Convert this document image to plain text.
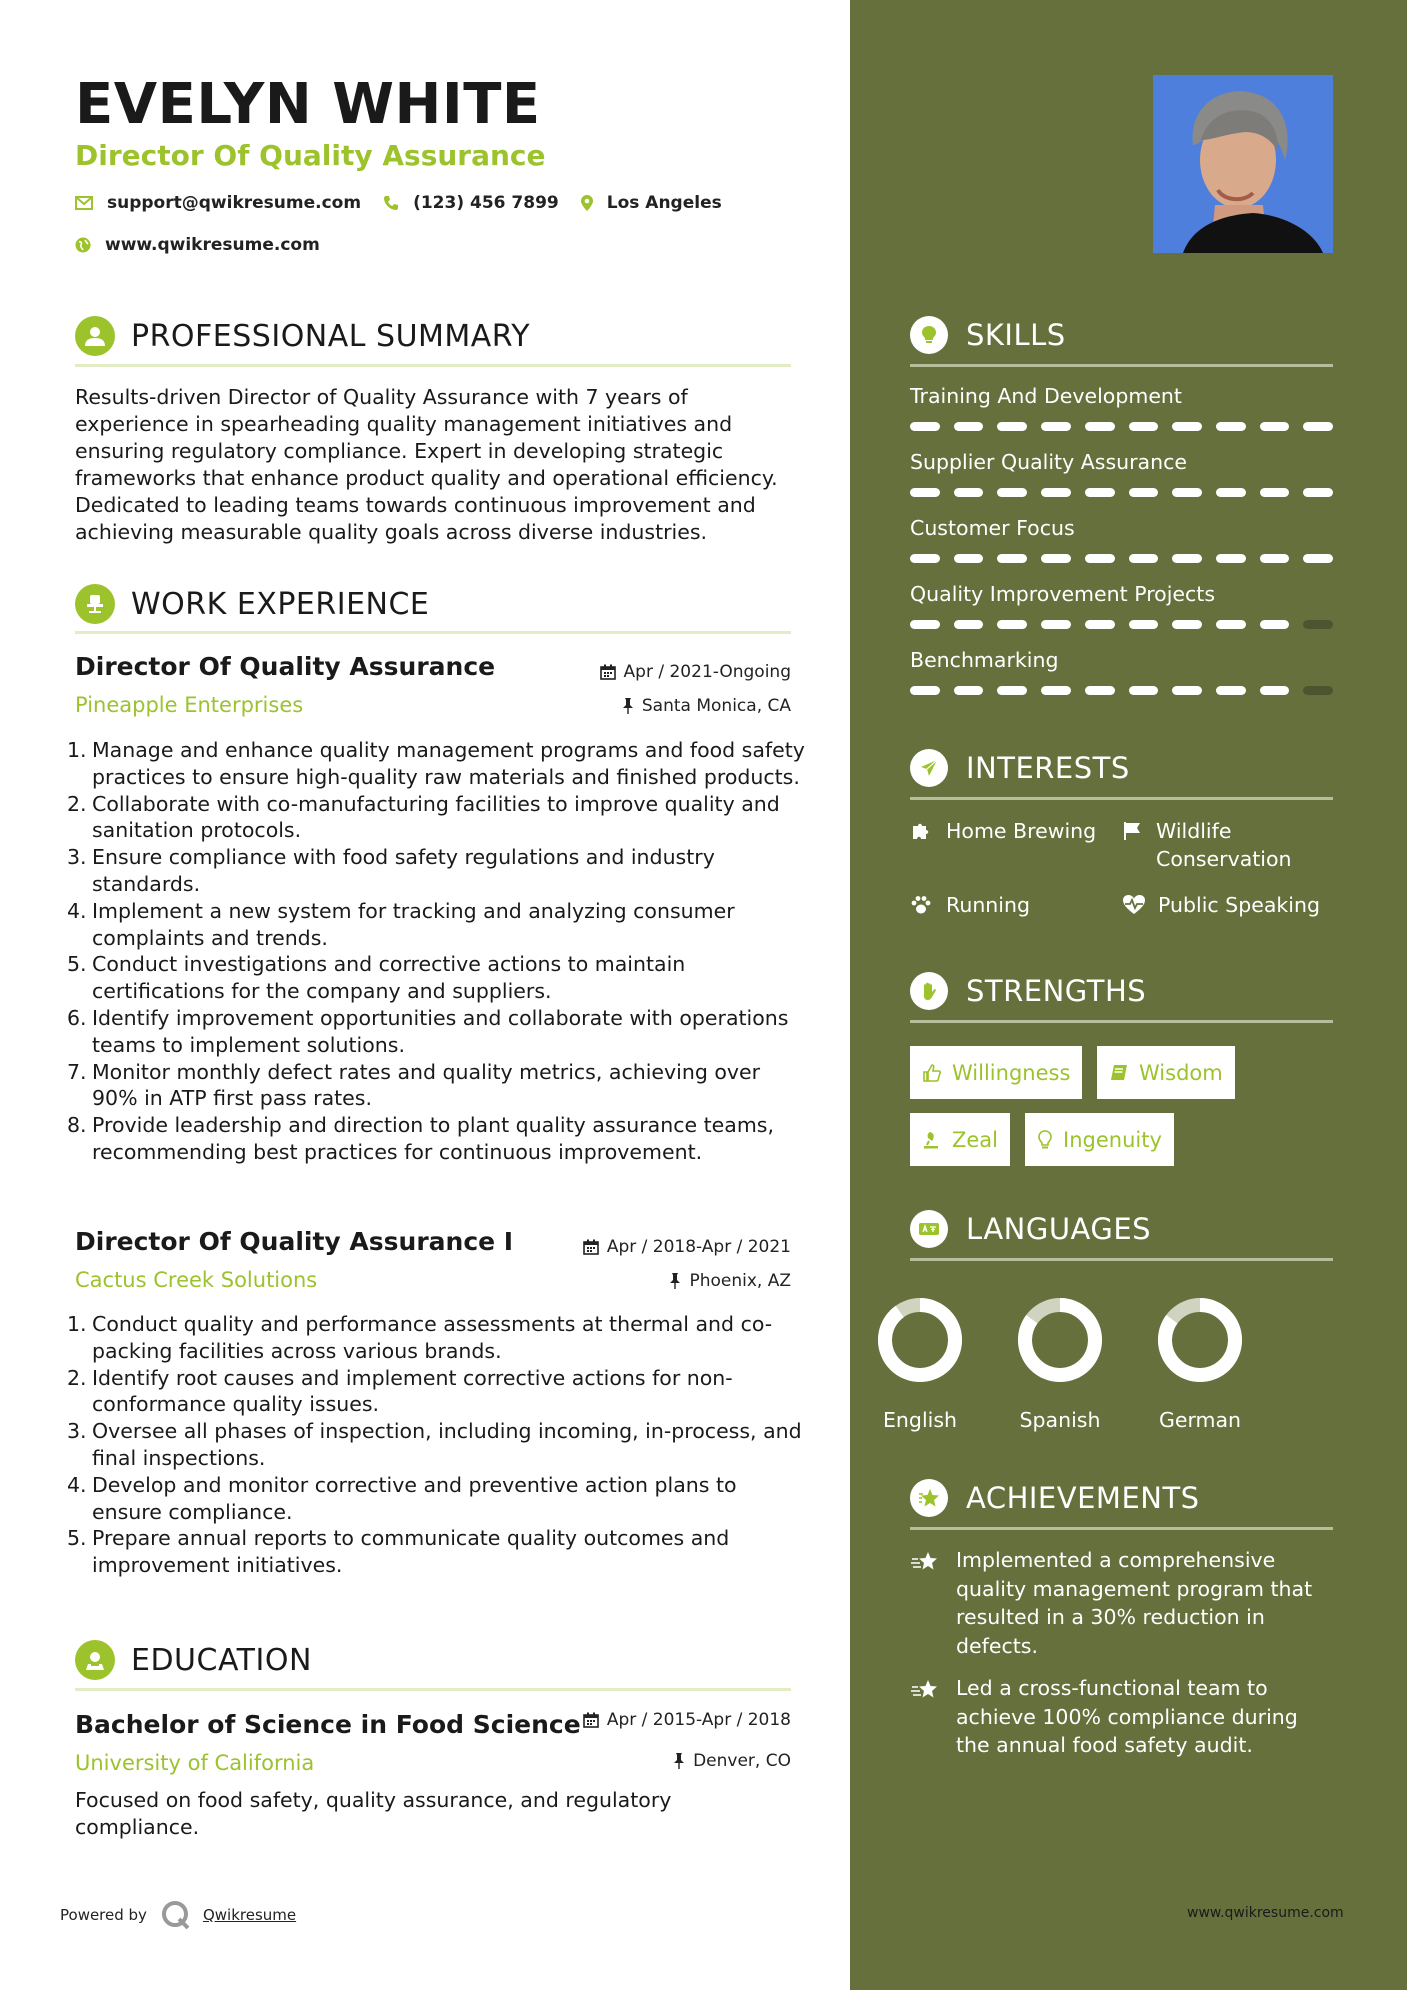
EVELYN WHITE
Director Of Quality Assurance
support@qwikresume.com	(123) 456 7899	Los Angeles
www.qwikresume.com
PROFESSIONAL SUMMARY
Results-driven Director of Quality Assurance with 7 years of experience in spearheading quality management initiatives and ensuring regulatory compliance. Expert in developing strategic frameworks that enhance product quality and operational efficiency. Dedicated to leading teams towards continuous improvement and achieving measurable quality goals across diverse industries.
WORK EXPERIENCE
Director Of Quality Assurance
Pineapple Enterprises
Apr / 2021-Ongoing
Santa Monica, CA
Manage and enhance quality management programs and food safety practices to ensure high-quality raw materials and finished products.
Collaborate with co-manufacturing facilities to improve quality and sanitation protocols.
Ensure compliance with food safety regulations and industry standards.
Implement a new system for tracking and analyzing consumer complaints and trends.
Conduct investigations and corrective actions to maintain certifications for the company and suppliers.
Identify improvement opportunities and collaborate with operations teams to implement solutions.
Monitor monthly defect rates and quality metrics, achieving over 90% in ATP first pass rates.
Provide leadership and direction to plant quality assurance teams, recommending best practices for continuous improvement.
Director Of Quality Assurance I
Cactus Creek Solutions
Apr / 2018-Apr / 2021
Phoenix, AZ
Conduct quality and performance assessments at thermal and co-packing facilities across various brands.
Identify root causes and implement corrective actions for non-conformance quality issues.
Oversee all phases of inspection, including incoming, in-process, and final inspections.
Develop and monitor corrective and preventive action plans to ensure compliance.
Prepare annual reports to communicate quality outcomes and improvement initiatives.
EDUCATION
Bachelor of Science in Food Science
University of California
Apr / 2015-Apr / 2018
Denver, CO
Focused on food safety, quality assurance, and regulatory compliance.
Powered by	Qwikresume
SKILLS
Training And Development
Supplier Quality Assurance
Customer Focus
Quality Improvement Projects
Benchmarking
INTERESTS
Home Brewing	Wildlife Conservation
Running	Public Speaking
STRENGTHS
Willingness	Wisdom
Zeal	Ingenuity
LANGUAGES
English	Spanish	German
ACHIEVEMENTS
Implemented a comprehensive quality management program that resulted in a 30% reduction in defects.
Led a cross-functional team to achieve 100% compliance during the annual food safety audit.
www.qwikresume.com
